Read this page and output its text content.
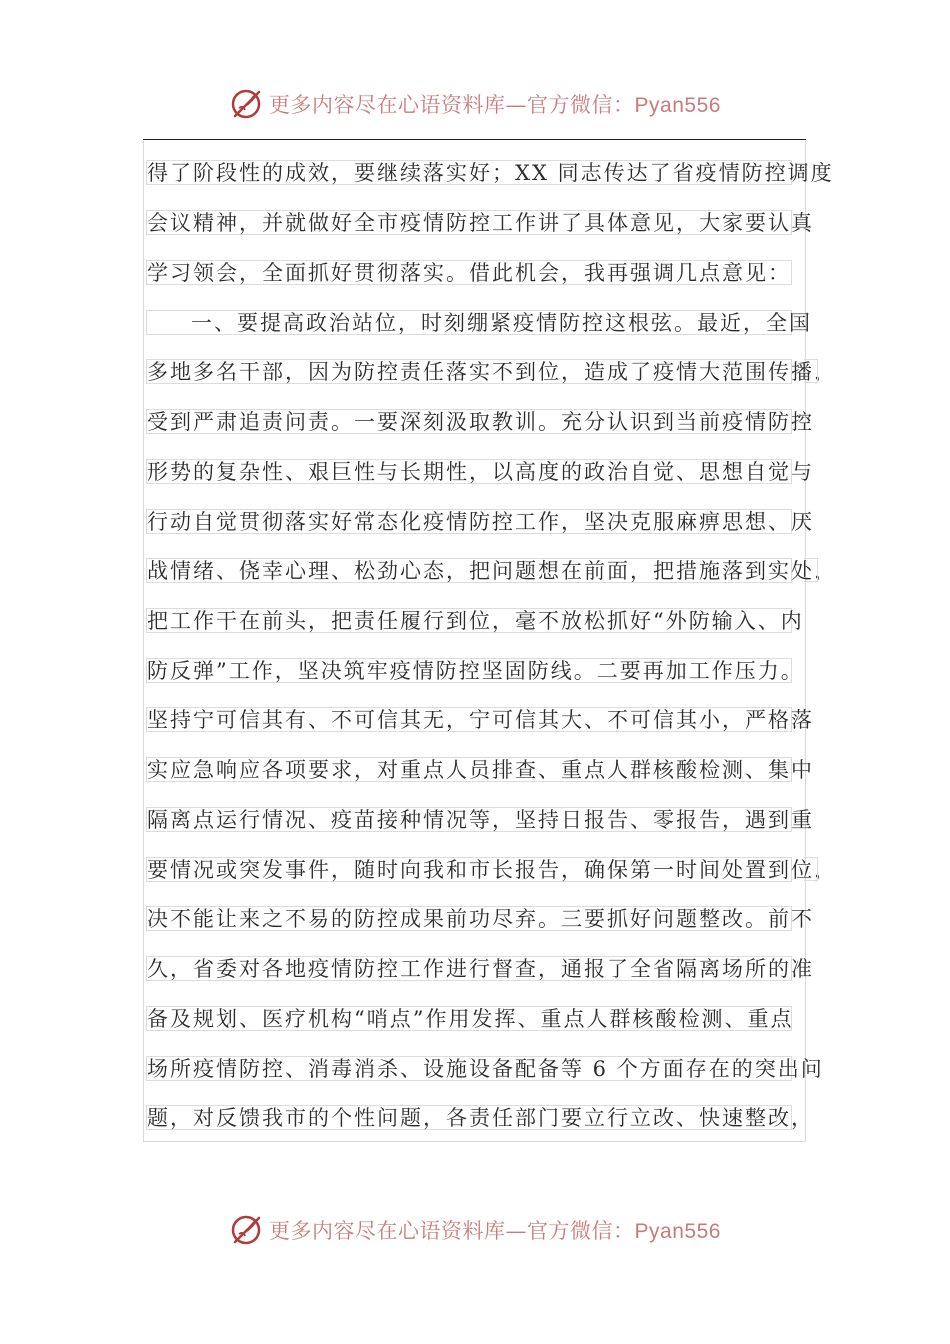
更多内容尽在心语资料库—官方微信：Pyan556
得了阶段性的成效，要继续落实好；XX 同志传达了省疫情防控调度
会议精神，并就做好全市疫情防控工作讲了具体意见，大家要认真
学习领会，全面抓好贯彻落实。借此机会，我再强调几点意见：
一、要提高政治站位，时刻绷紧疫情防控这根弦。最近，全国
多地多名干部，因为防控责任落实不到位，造成了疫情大范围传播，
受到严肃追责问责。一要深刻汲取教训。充分认识到当前疫情防控
形势的复杂性、艰巨性与长期性，以高度的政治自觉、思想自觉与
行动自觉贯彻落实好常态化疫情防控工作，坚决克服麻痹思想、厌
战情绪、侥幸心理、松劲心态，把问题想在前面，把措施落到实处，
把工作干在前头，把责任履行到位，毫不放松抓好“外防输入、内
防反弹”工作，坚决筑牢疫情防控坚固防线。二要再加工作压力。
坚持宁可信其有、不可信其无，宁可信其大、不可信其小，严格落
实应急响应各项要求，对重点人员排查、重点人群核酸检测、集中
隔离点运行情况、疫苗接种情况等，坚持日报告、零报告，遇到重
要情况或突发事件，随时向我和市长报告，确保第一时间处置到位，
决不能让来之不易的防控成果前功尽弃。三要抓好问题整改。前不
久，省委对各地疫情防控工作进行督查，通报了全省隔离场所的准
备及规划、医疗机构“哨点”作用发挥、重点人群核酸检测、重点
场所疫情防控、消毒消杀、设施设备配备等 6 个方面存在的突出问
题，对反馈我市的个性问题，各责任部门要立行立改、快速整改，
更多内容尽在心语资料库—官方微信：Pyan556
